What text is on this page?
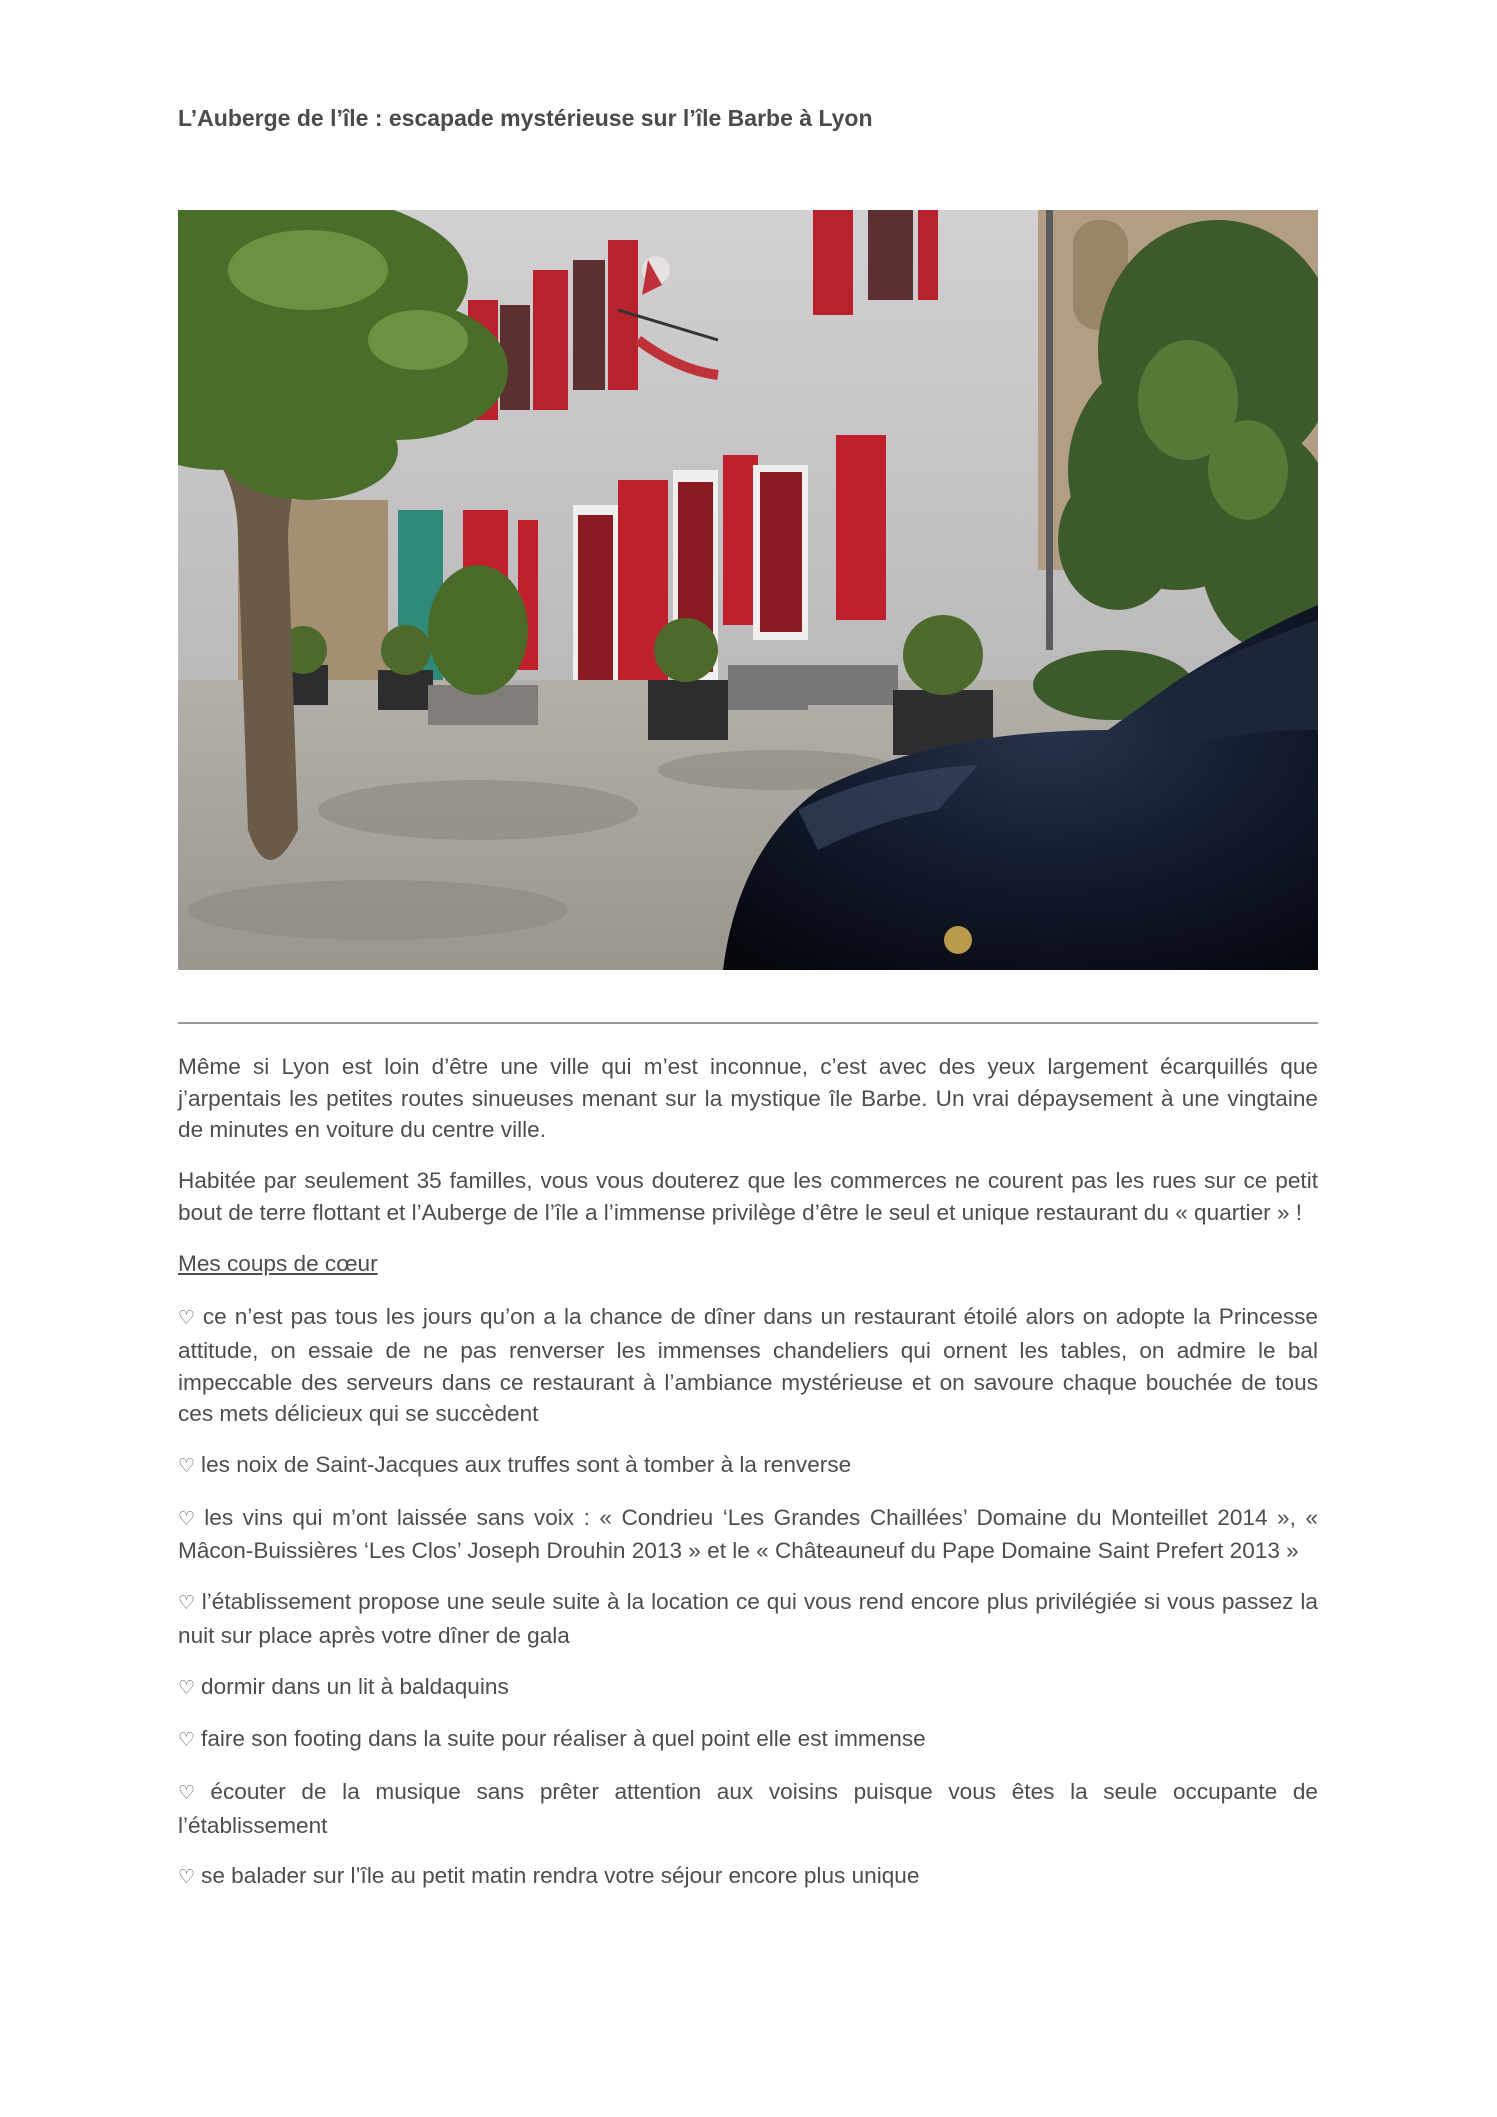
L’Auberge de l’île : escapade mystérieuse sur l’île Barbe à Lyon

Même si Lyon est loin d’être une ville qui m’est inconnue, c’est avec des yeux largement écarquillés que j’arpentais les petites routes sinueuses menant sur la mystique île Barbe. Un vrai dépaysement à une vingtaine de minutes en voiture du centre ville.

Habitée par seulement 35 familles, vous vous douterez que les commerces ne courent pas les rues sur ce petit bout de terre flottant et l’Auberge de l’île a l’immense privilège d’être le seul et unique restaurant du « quartier » !

Mes coups de cœur

♡ ce n’est pas tous les jours qu’on a la chance de dîner dans un restaurant étoilé alors on adopte la Princesse attitude, on essaie de ne pas renverser les immenses chandeliers qui ornent les tables, on admire le bal impeccable des serveurs dans ce restaurant à l’ambiance mystérieuse et on savoure chaque bouchée de tous ces mets délicieux qui se succèdent

♡ les noix de Saint-Jacques aux truffes sont à tomber à la renverse

♡ les vins qui m’ont laissée sans voix : « Condrieu ‘Les Grandes Chaillées’ Domaine du Monteillet 2014 », « Mâcon-Buissières ‘Les Clos’ Joseph Drouhin 2013 » et le « Châteauneuf du Pape Domaine Saint Prefert 2013 »

♡ l’établissement propose une seule suite à la location ce qui vous rend encore plus privilégiée si vous passez la nuit sur place après votre dîner de gala

♡ dormir dans un lit à baldaquins

♡ faire son footing dans la suite pour réaliser à quel point elle est immense

♡ écouter de la musique sans prêter attention aux voisins puisque vous êtes la seule occupante de l’établissement

♡ se balader sur l’île au petit matin rendra votre séjour encore plus unique
